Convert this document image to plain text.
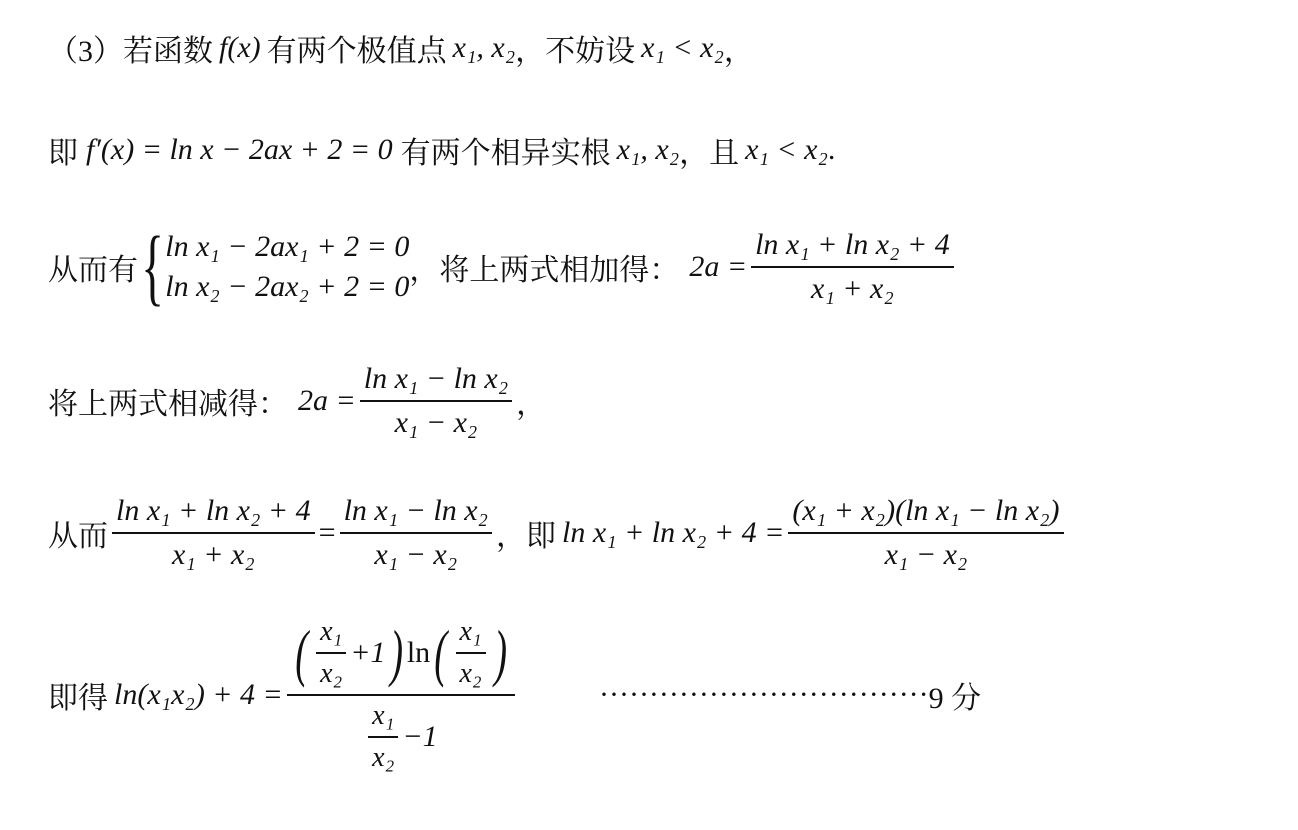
（3）若函数 f(x) 有两个极值点 x₁, x₂ ，不妨设 x₁ < x₂ ，
即 f′(x) = ln x − 2ax + 2 = 0 有两个相异实根 x₁, x₂ ，且 x₁ < x₂ .
从而有 { ln x₁ − 2ax₁ + 2 = 0
ln x₂ − 2ax₂ + 2 = 0 ，将上两式相加得： $2a = \frac{\text{ln x₁ + ln x₂ + 4}}{\text{x₁ + x₂}}$
将上两式相减得： $2a = \frac{\text{ln x₁ − ln x₂}}{\text{x₁ − x₂}}$ ，
从而 $\frac{\text{ln x₁ + ln x₂ + 4}}{\text{x₁ + x₂}} = \frac{\text{ln x₁ − ln x₂}}{\text{x₁ − x₂}}$ ，即 $\ln x_1 + \ln x_2 + 4 = \frac{\text{(x₁ + x₂)(ln x₁ − ln x₂)}}{\text{x₁ − x₂}}$
即得 ln(x₁x₂) + 4 =
( $\frac{\text{x₁}}{\text{x₂}} +1$ ) ln ( $\frac{\text{x₁}}{\text{x₂}}$ )
$\frac{\text{x₁}}{\text{x₂}} -1$
································· 9 分
